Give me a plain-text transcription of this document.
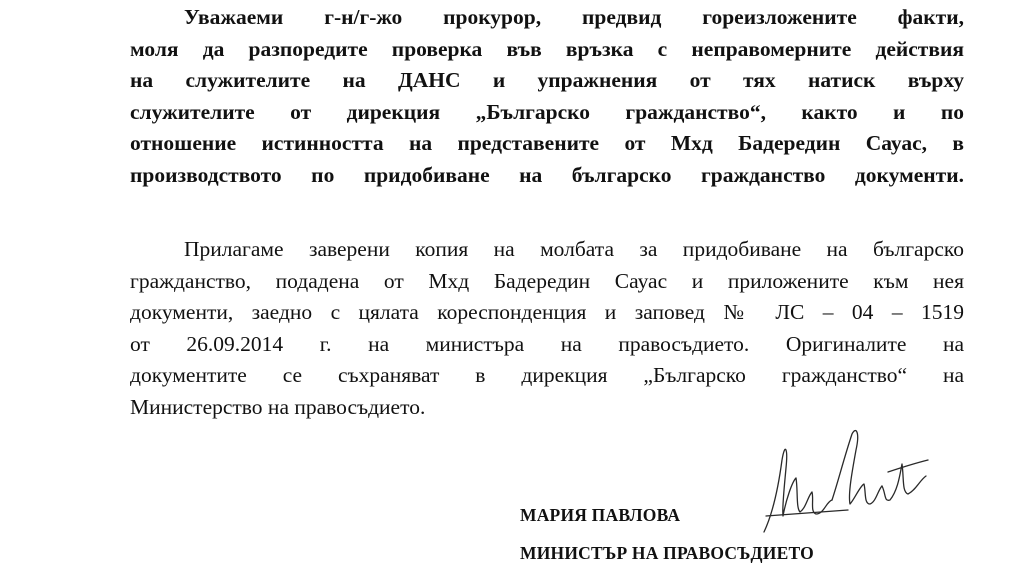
Уважаеми г-н/г-жо прокурор, предвид гореизложените факти,
моля да разпоредите проверка във връзка с неправомерните действия
на служителите на ДАНС и упражнения от тях натиск върху
служителите от дирекция „Българско гражданство“, както и по
отношение истинността на представените от Мхд Бадередин Сауас, в
производството по придобиване на българско гражданство документи.
Прилагаме заверени копия на молбата за придобиване на българско
гражданство, подадена от Мхд Бадередин Сауас и приложените към нея
документи, заедно с цялата кореспонденция и заповед № ЛС – 04 – 1519
от 26.09.2014 г. на министъра на правосъдието. Оригиналите на
документите се съхраняват в дирекция „Българско гражданство“ на
Министерство на правосъдието.
МАРИЯ ПАВЛОВА
МИНИСТЪР НА ПРАВОСЪДИЕТО
